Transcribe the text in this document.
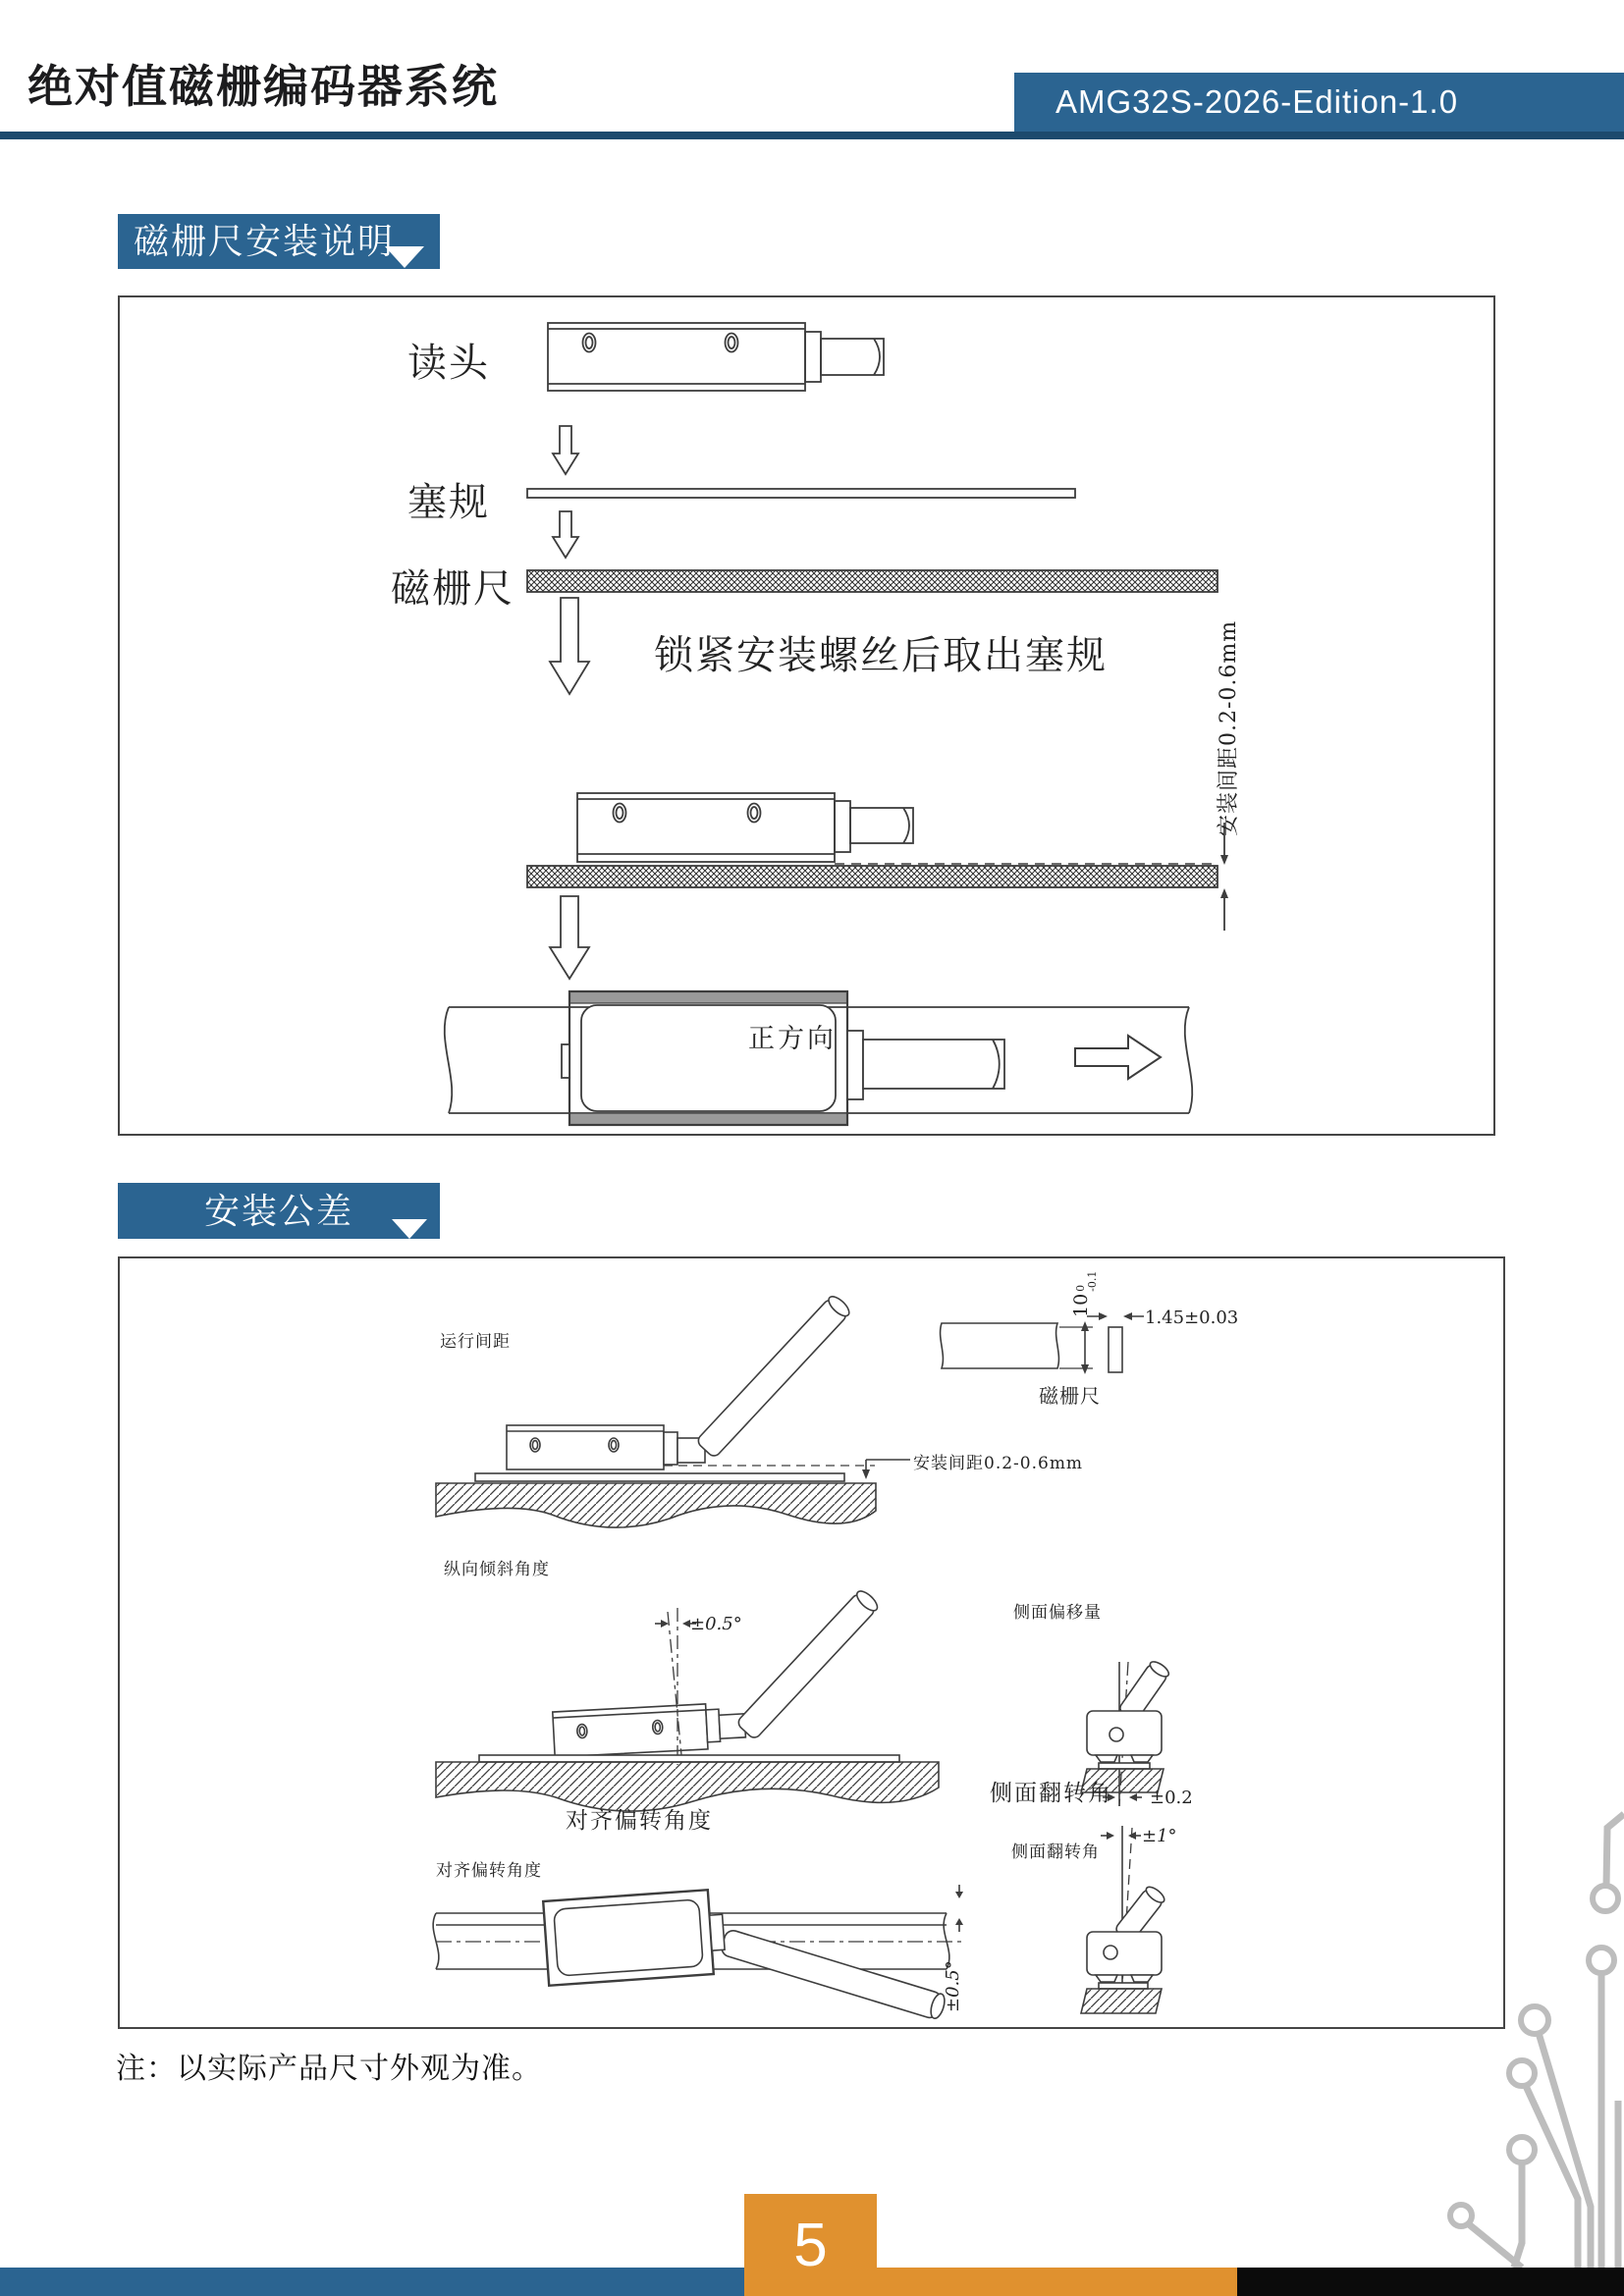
绝对值磁栅编码器系统	AMG32S-2026-Edition-1.0
磁栅尺安装说明
读头
塞规
磁栅尺
锁紧安装螺丝后取出塞规	安装间距0.2-0.6mm
正方向
安装公差
运行间距
安装间距0.2-0.6mm
10
0 -0.1
1.45±0.03
磁栅尺
纵向倾斜角度
±0.5°
对齐偏转角度
侧面偏移量
侧面翻转角 ±0.2
侧面翻转角
±1°
对齐偏转角度
±0.5°
注：以实际产品尺寸外观为准。
5
